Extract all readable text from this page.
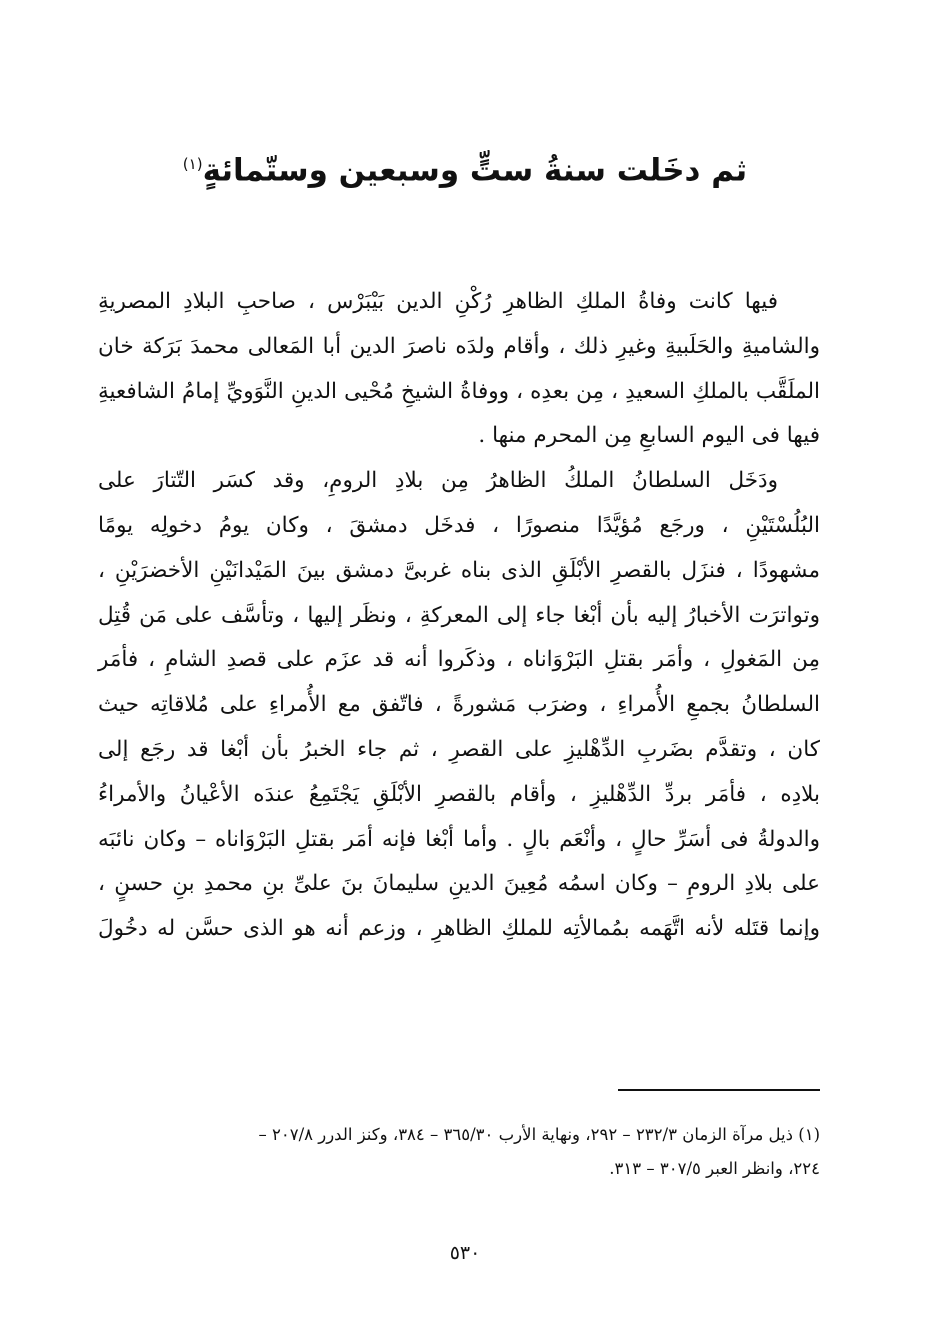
ثم دخَلت سنةُ ستٍّ وسبعين وستّمائةٍ$^{(١)}$

فيها كانت وفاةُ الملكِ الظاهرِ رُكْنِ الدين بَيْبَرْس ، صاحبِ البلادِ المصريةِ
والشاميةِ والحَلَبيةِ وغيرِ ذلك ، وأقام ولدَه ناصرَ الدين أبا المَعالى محمدَ بَرَكة خان
الملَقَّب بالملكِ السعيدِ ، مِن بعدِه ، ووفاةُ الشيخِ مُحْيى الدينِ النَّوَويِّ إمامُ الشافعيةِ
فيها فى اليوم السابعِ مِن المحرم منها .

ودَخَل السلطانُ الملكُ الظاهرُ مِن بلادِ الرومِ، وقد كسَر التّتارَ على
البُلُسْتَيْنِ ، ورجَع مُؤيَّدًا منصورًا ، فدخَل دمشقَ ، وكان يومُ دخولِه يومًا
مشهودًا ، فنزَل بالقصرِ الأبْلَقِ الذى بناه غربىَّ دمشق بينَ المَيْدانَيْنِ الأخضرَيْنِ ،
وتواترَت الأخبارُ إليه بأن أبْغا جاء إلى المعركةِ ، ونظَر إليها ، وتأسَّف على مَن قُتِل
مِن المَغولِ ، وأمَر بقتلِ البَرْوَاناه ، وذكَروا أنه قد عزَم على قصدِ الشامِ ، فأمَر
السلطانُ بجمعِ الأُمراءِ ، وضرَب مَشورةً ، فاتّفق مع الأُمراءِ على مُلاقاتِه حيث
كان ، وتقدَّم بضَربِ الدِّهْليزِ على القصرِ ، ثم جاء الخبرُ بأن أبْغا قد رجَع إلى
بلادِه ، فأمَر بردِّ الدِّهْليزِ ، وأقام بالقصرِ الأبْلَقِ يَجْتَمِعُ عندَه الأعْيانُ والأمراءُ
والدولةُ فى أسَرِّ حالٍ ، وأنْعَم بالٍ . وأما أبْغا فإنه أمَر بقتلِ البَرْوَاناه – وكان نائبَه
على بلادِ الرومِ – وكان اسمُه مُعِينَ الدينِ سليمانَ بنَ علىِّ بنِ محمدِ بنِ حسنٍ ،
وإنما قتَله لأنه اتَّهَمه بمُمالأتِه للملكِ الظاهرِ ، وزعم أنه هو الذى حسَّن له دخُولَ

(١) ذيل مرآة الزمان ٢٣٢/٣ – ٢٩٢، ونهاية الأرب ٣٦٥/٣٠ – ٣٨٤، وكنز الدرر ٢٠٧/٨ –
٢٢٤، وانظر العبر ٣٠٧/٥ – ٣١٣.
٥٣٠
